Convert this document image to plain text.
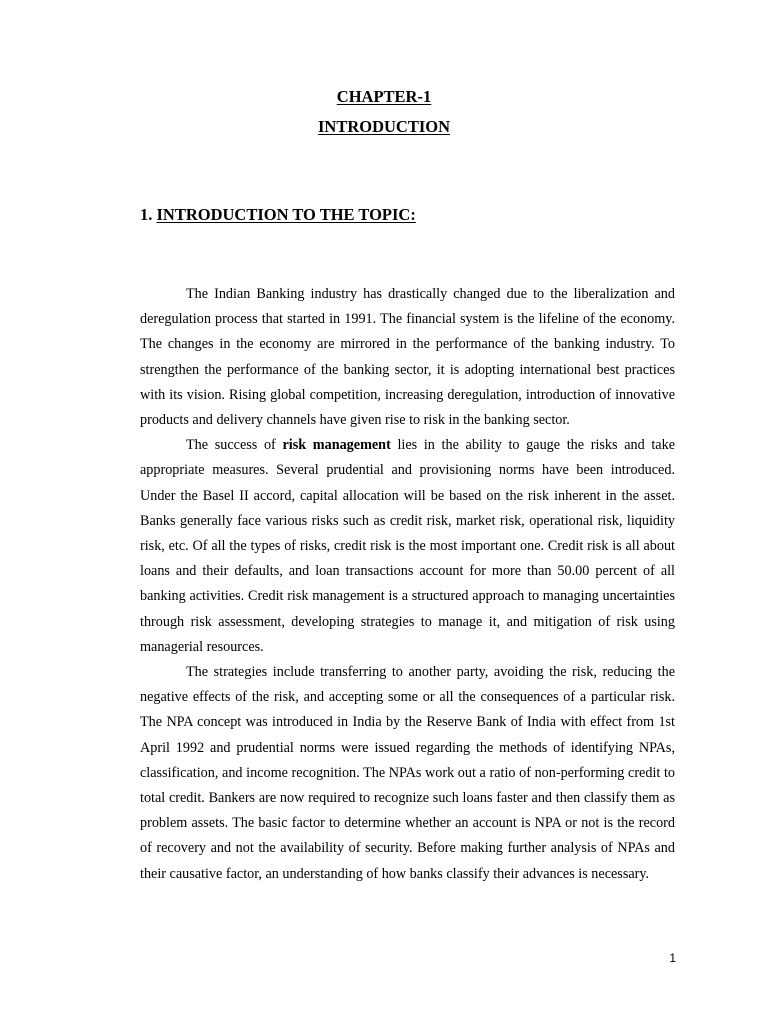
CHAPTER-1
INTRODUCTION
1. INTRODUCTION TO THE TOPIC:

The Indian Banking industry has drastically changed due to the liberalization and deregulation process that started in 1991. The financial system is the lifeline of the economy. The changes in the economy are mirrored in the performance of the banking industry. To strengthen the performance of the banking sector, it is adopting international best practices with its vision. Rising global competition, increasing deregulation, introduction of innovative products and delivery channels have given rise to risk in the banking sector.

The success of risk management lies in the ability to gauge the risks and take appropriate measures. Several prudential and provisioning norms have been introduced. Under the Basel II accord, capital allocation will be based on the risk inherent in the asset. Banks generally face various risks such as credit risk, market risk, operational risk, liquidity risk, etc. Of all the types of risks, credit risk is the most important one. Credit risk is all about loans and their defaults, and loan transactions account for more than 50.00 percent of all banking activities. Credit risk management is a structured approach to managing uncertainties through risk assessment, developing strategies to manage it, and mitigation of risk using managerial resources.

The strategies include transferring to another party, avoiding the risk, reducing the negative effects of the risk, and accepting some or all the consequences of a particular risk. The NPA concept was introduced in India by the Reserve Bank of India with effect from 1st April 1992 and prudential norms were issued regarding the methods of identifying NPAs, classification, and income recognition. The NPAs work out a ratio of non-performing credit to total credit. Bankers are now required to recognize such loans faster and then classify them as problem assets. The basic factor to determine whether an account is NPA or not is the record of recovery and not the availability of security. Before making further analysis of NPAs and their causative factor, an understanding of how banks classify their advances is necessary.

1
